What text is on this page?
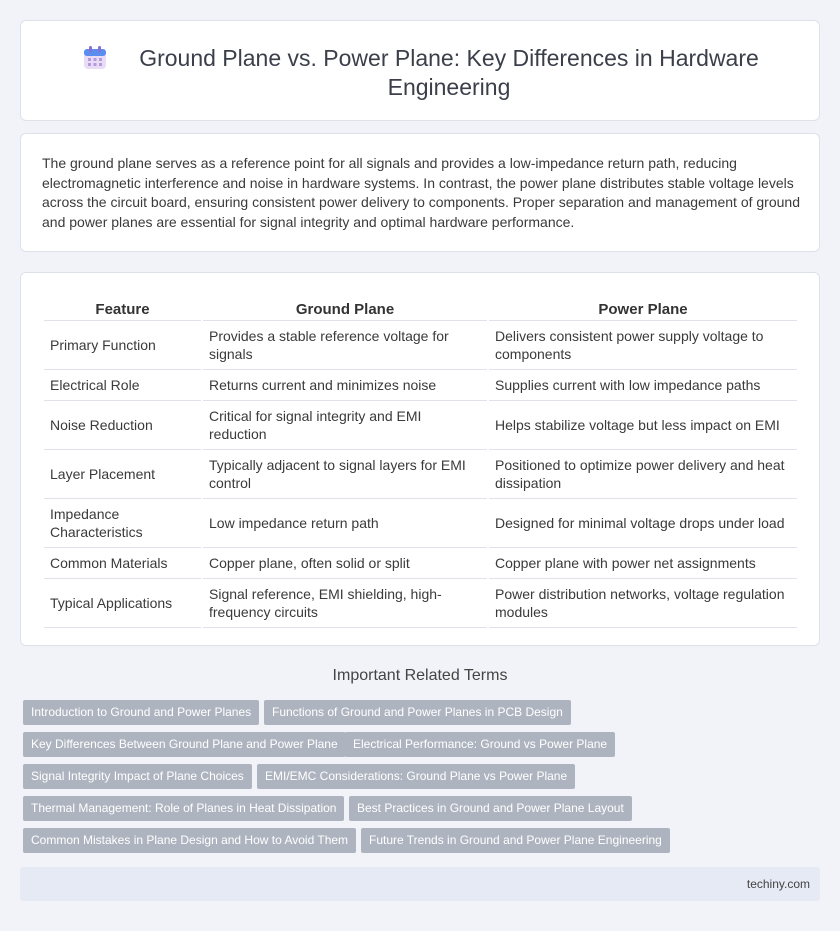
Ground Plane vs. Power Plane: Key Differences in Hardware Engineering

The ground plane serves as a reference point for all signals and provides a low-impedance return path, reducing electromagnetic interference and noise in hardware systems. In contrast, the power plane distributes stable voltage levels across the circuit board, ensuring consistent power delivery to components. Proper separation and management of ground and power planes are essential for signal integrity and optimal hardware performance.

Feature	Ground Plane	Power Plane
Primary Function	Provides a stable reference voltage for signals	Delivers consistent power supply voltage to components
Electrical Role	Returns current and minimizes noise	Supplies current with low impedance paths
Noise Reduction	Critical for signal integrity and EMI reduction	Helps stabilize voltage but less impact on EMI
Layer Placement	Typically adjacent to signal layers for EMI control	Positioned to optimize power delivery and heat dissipation
Impedance Characteristics	Low impedance return path	Designed for minimal voltage drops under load
Common Materials	Copper plane, often solid or split	Copper plane with power net assignments
Typical Applications	Signal reference, EMI shielding, high-frequency circuits	Power distribution networks, voltage regulation modules
Important Related Terms
Introduction to Ground and Power Planes	Functions of Ground and Power Planes in PCB Design
Key Differences Between Ground Plane and Power Plane	Electrical Performance: Ground vs Power Plane
Signal Integrity Impact of Plane Choices	EMI/EMC Considerations: Ground Plane vs Power Plane
Thermal Management: Role of Planes in Heat Dissipation	Best Practices in Ground and Power Plane Layout
Common Mistakes in Plane Design and How to Avoid Them	Future Trends in Ground and Power Plane Engineering
techiny.com
